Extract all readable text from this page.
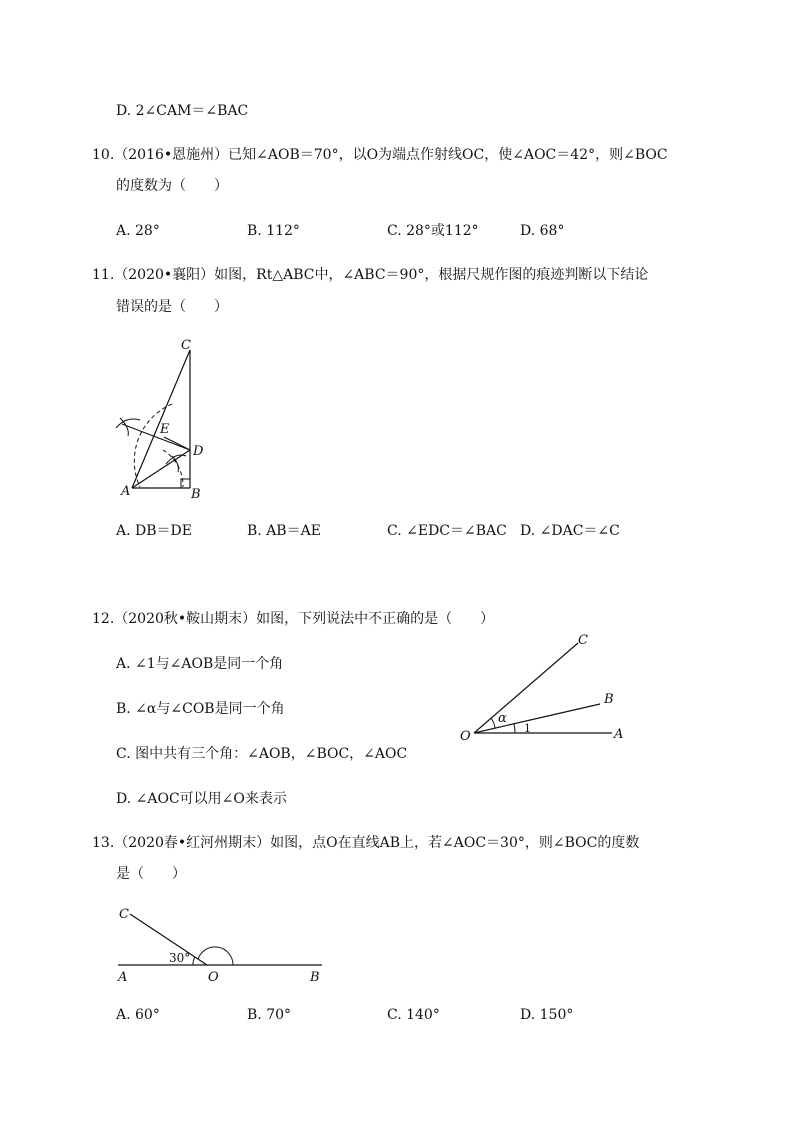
D. 2∠CAM＝∠BAC
10.（2016•恩施州）已知∠AOB＝70°，以O为端点作射线OC，使∠AOC＝42°，则∠BOC
的度数为（　　）
A. 28°	B. 112°	C. 28°或112°	D. 68°
11.（2020•襄阳）如图，Rt△ABC中，∠ABC＝90°，根据尺规作图的痕迹判断以下结论
错误的是（　　）
C
E
D
A	B
A. DB＝DE	B. AB＝AE	C. ∠EDC＝∠BAC D. ∠DAC＝∠C
12.（2020秋•鞍山期末）如图，下列说法中不正确的是（　　）
A. ∠1与∠AOB是同一个角
B. ∠α与∠COB是同一个角
C. 图中共有三个角：∠AOB，∠BOC，∠AOC
D. ∠AOC可以用∠O来表示
C
B
O	A
α
1
13.（2020春•红河州期末）如图，点O在直线AB上，若∠AOC＝30°，则∠BOC的度数
是（　　）
C
30°
A	O	B
A. 60°	B. 70°	C. 140°	D. 150°
